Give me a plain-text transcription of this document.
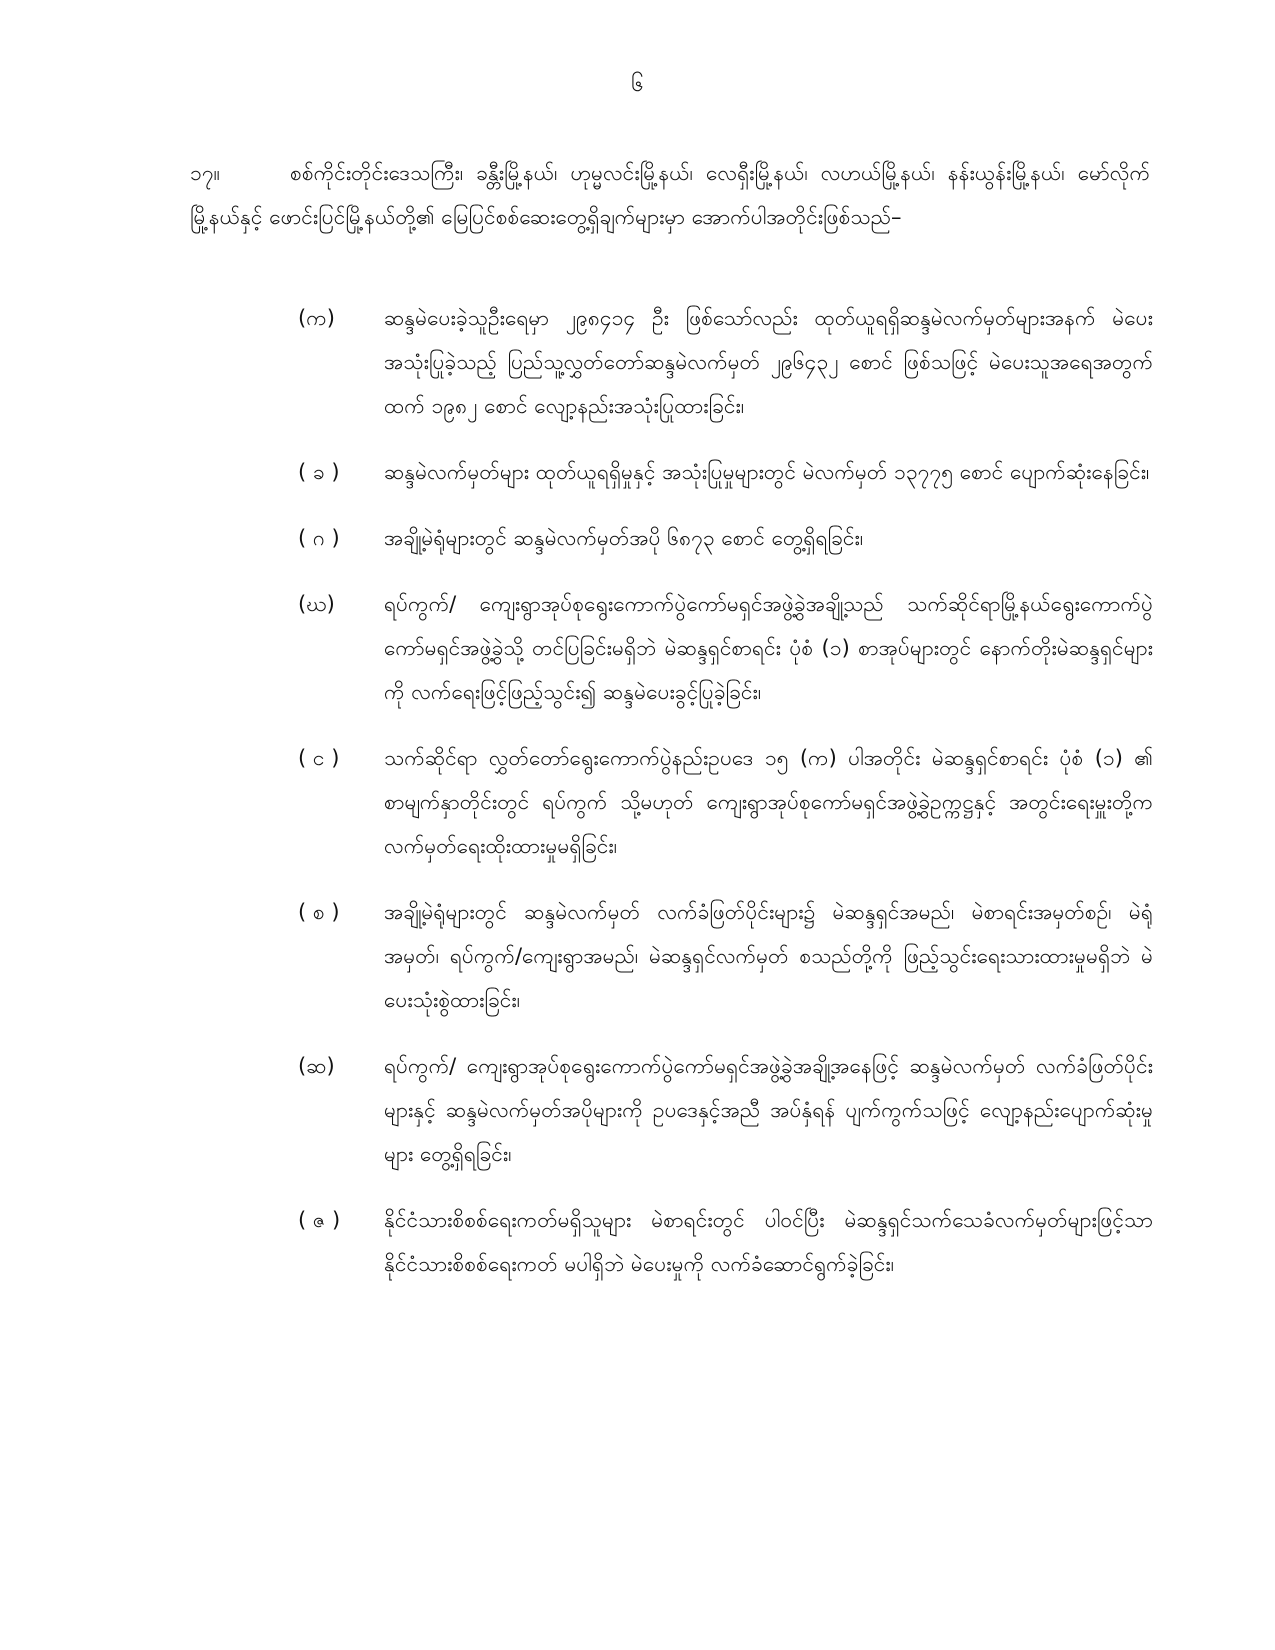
၆

၁၇။	စစ်ကိုင်းတိုင်းဒေသကြီး၊ ခန္တီးမြို့နယ်၊ ဟုမ္မလင်းမြို့နယ်၊ လေရှီးမြို့နယ်၊ လဟယ်မြို့နယ်၊ နန်းယွန်းမြို့နယ်၊ မော်လိုက်မြို့နယ်နှင့် ဖောင်းပြင်မြို့နယ်တို့၏ မြေပြင်စစ်ဆေးတွေ့ရှိချက်များမှာ အောက်ပါအတိုင်းဖြစ်သည်–

(က)	ဆန္ဒမဲပေးခဲ့သူဦးရေမှာ ၂၉၈၄၁၄ ဦး ဖြစ်သော်လည်း ထုတ်ယူရရှိဆန္ဒမဲလက်မှတ်များအနက် မဲပေးအသုံးပြုခဲ့သည့် ပြည်သူ့လွှတ်တော်ဆန္ဒမဲလက်မှတ် ၂၉၆၄၃၂ စောင် ဖြစ်သဖြင့် မဲပေးသူအရေအတွက်ထက် ၁၉၈၂ စောင် လျော့နည်းအသုံးပြုထားခြင်း၊
( ခ )	ဆန္ဒမဲလက်မှတ်များ ထုတ်ယူရရှိမှုနှင့် အသုံးပြုမှုများတွင် မဲလက်မှတ် ၁၃၇၇၅ စောင် ပျောက်ဆုံးနေခြင်း၊
( ဂ )	အချို့မဲရုံများတွင် ဆန္ဒမဲလက်မှတ်အပို ၆၈၇၃ စောင် တွေ့ရှိရခြင်း၊
(ဃ)	ရပ်ကွက်/ ကျေးရွာအုပ်စုရွေးကောက်ပွဲကော်မရှင်အဖွဲ့ခွဲအချို့သည် သက်ဆိုင်ရာမြို့နယ်ရွေးကောက်ပွဲကော်မရှင်အဖွဲ့ခွဲသို့ တင်ပြခြင်းမရှိဘဲ မဲဆန္ဒရှင်စာရင်း ပုံစံ (၁) စာအုပ်များတွင် နောက်တိုးမဲဆန္ဒရှင်များကို လက်ရေးဖြင့်ဖြည့်သွင်း၍ ဆန္ဒမဲပေးခွင့်ပြုခဲ့ခြင်း၊
( င )	သက်ဆိုင်ရာ လွှတ်တော်ရွေးကောက်ပွဲနည်းဥပဒေ ၁၅ (က) ပါအတိုင်း မဲဆန္ဒရှင်စာရင်း ပုံစံ (၁) ၏ စာမျက်နှာတိုင်းတွင် ရပ်ကွက် သို့မဟုတ် ကျေးရွာအုပ်စုကော်မရှင်အဖွဲ့ခွဲဥက္ကဋ္ဌနှင့် အတွင်းရေးမှူးတို့က လက်မှတ်ရေးထိုးထားမှုမရှိခြင်း၊
( စ )	အချို့မဲရုံများတွင် ဆန္ဒမဲလက်မှတ် လက်ခံဖြတ်ပိုင်းများ၌ မဲဆန္ဒရှင်အမည်၊ မဲစာရင်းအမှတ်စဉ်၊ မဲရုံအမှတ်၊ ရပ်ကွက်/ကျေးရွာအမည်၊ မဲဆန္ဒရှင်လက်မှတ် စသည်တို့ကို ဖြည့်သွင်းရေးသားထားမှုမရှိဘဲ မဲပေးသုံးစွဲထားခြင်း၊
(ဆ)	ရပ်ကွက်/ ကျေးရွာအုပ်စုရွေးကောက်ပွဲကော်မရှင်အဖွဲ့ခွဲအချို့အနေဖြင့် ဆန္ဒမဲလက်မှတ် လက်ခံဖြတ်ပိုင်းများနှင့် ဆန္ဒမဲလက်မှတ်အပိုများကို ဥပဒေနှင့်အညီ အပ်နှံရန် ပျက်ကွက်သဖြင့် လျော့နည်းပျောက်ဆုံးမှုများ တွေ့ရှိရခြင်း၊
( ဇ )	နိုင်ငံသားစိစစ်ရေးကတ်မရှိသူများ မဲစာရင်းတွင် ပါဝင်ပြီး မဲဆန္ဒရှင်သက်သေခံလက်မှတ်များဖြင့်သာ နိုင်ငံသားစိစစ်ရေးကတ် မပါရှိဘဲ မဲပေးမှုကို လက်ခံဆောင်ရွက်ခဲ့ခြင်း၊
